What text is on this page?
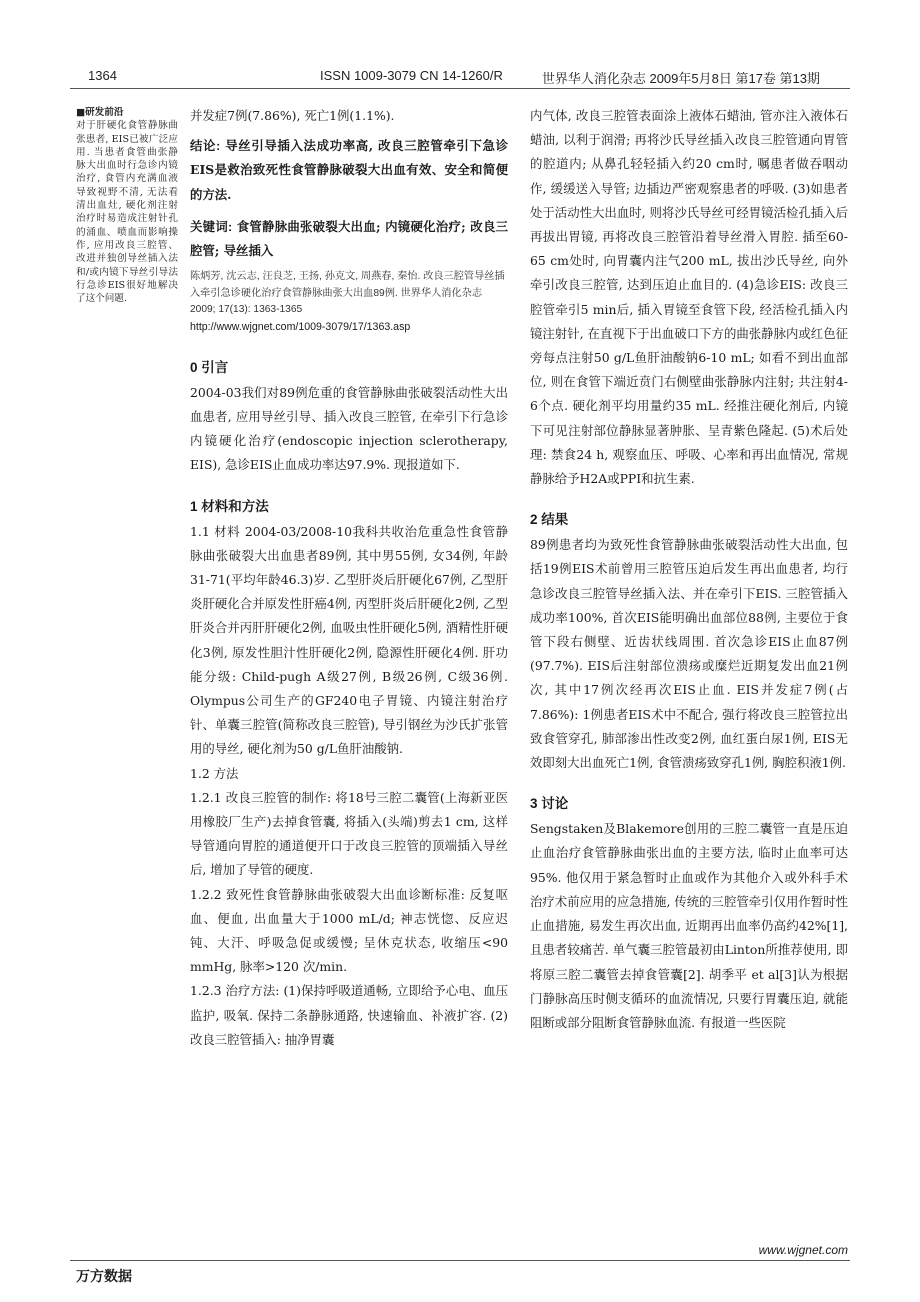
1364	ISSN 1009-3079 CN 14-1260/R	世界华人消化杂志 2009年5月8日 第17卷 第13期
■研发前沿
对于肝硬化食管静脉曲张患者, EIS已被广泛应用. 当患者食管曲张静脉大出血时行急诊内镜治疗, 食管内充满血液导致视野不清, 无法看清出血灶, 硬化剂注射治疗时易造成注射针孔的涌血、喷血而影响操作, 应用改良三腔管、改进并独创导丝插入法和/或内镜下导丝引导法行急诊EIS很好地解决了这个问题.

并发症7例(7.86%), 死亡1例(1.1%).

结论: 导丝引导插入法成功率高, 改良三腔管牵引下急诊EIS是救治致死性食管静脉破裂大出血有效、安全和简便的方法.

关键词: 食管静脉曲张破裂大出血; 内镜硬化治疗; 改良三腔管; 导丝插入

陈炳芳, 沈云志, 汪良芝, 王扬, 孙克文, 周燕春, 秦怡. 改良三腔管导丝插入牵引急诊硬化治疗食管静脉曲张大出血89例. 世界华人消化杂志 2009; 17(13): 1363-1365
http://www.wjgnet.com/1009-3079/17/1363.asp
0 引言

2004-03我们对89例危重的食管静脉曲张破裂活动性大出血患者, 应用导丝引导、插入改良三腔管, 在牵引下行急诊内镜硬化治疗(endoscopic injection sclerotherapy, EIS), 急诊EIS止血成功率达97.9%. 现报道如下.

1 材料和方法

1.1 材料 2004-03/2008-10我科共收治危重急性食管静脉曲张破裂大出血患者89例, 其中男55例, 女34例, 年龄31-71(平均年龄46.3)岁. 乙型肝炎后肝硬化67例, 乙型肝炎肝硬化合并原发性肝癌4例, 丙型肝炎后肝硬化2例, 乙型肝炎合并丙肝肝硬化2例, 血吸虫性肝硬化5例, 酒精性肝硬化3例, 原发性胆汁性肝硬化2例, 隐源性肝硬化4例. 肝功能分级: Child-pugh A级27例, B级26例, C级36例. Olympus公司生产的GF240电子胃镜、内镜注射治疗针、单囊三腔管(简称改良三腔管), 导引钢丝为沙氏扩张管用的导丝, 硬化剂为50 g/L鱼肝油酸钠.

1.2 方法

1.2.1 改良三腔管的制作: 将18号三腔二囊管(上海新亚医用橡胶厂生产)去掉食管囊, 将插入(头端)剪去1 cm, 这样导管通向胃腔的通道便开口于改良三腔管的顶端插入导丝后, 增加了导管的硬度.

1.2.2 致死性食管静脉曲张破裂大出血诊断标准: 反复呕血、便血, 出血量大于1000 mL/d; 神志恍惚、反应迟钝、大汗、呼吸急促或缓慢; 呈休克状态, 收缩压<90 mmHg, 脉率>120 次/min.

1.2.3 治疗方法: (1)保持呼吸道通畅, 立即给予心电、血压监护, 吸氧. 保持二条静脉通路, 快速输血、补液扩容. (2)改良三腔管插入: 抽净胃囊

内气体, 改良三腔管表面涂上液体石蜡油, 管亦注入液体石蜡油, 以利于润滑; 再将沙氏导丝插入改良三腔管通向胃管的腔道内; 从鼻孔轻轻插入约20 cm时, 嘱患者做吞咽动作, 缓缓送入导管; 边插边严密观察患者的呼吸. (3)如患者处于活动性大出血时, 则将沙氏导丝可经胃镜活检孔插入后再拔出胃镜, 再将改良三腔管沿着导丝滑入胃腔. 插至60-65 cm处时, 向胃囊内注气200 mL, 拔出沙氏导丝, 向外牵引改良三腔管, 达到压迫止血目的. (4)急诊EIS: 改良三腔管牵引5 min后, 插入胃镜至食管下段, 经活检孔插入内镜注射针, 在直视下于出血破口下方的曲张静脉内或红色征旁每点注射50 g/L鱼肝油酸钠6-10 mL; 如看不到出血部位, 则在食管下端近贲门右侧壁曲张静脉内注射; 共注射4-6个点. 硬化剂平均用量约35 mL. 经推注硬化剂后, 内镜下可见注射部位静脉显著肿胀、呈青紫色隆起. (5)术后处理: 禁食24 h, 观察血压、呼吸、心率和再出血情况, 常规静脉给予H2A或PPI和抗生素.

2 结果

89例患者均为致死性食管静脉曲张破裂活动性大出血, 包括19例EIS术前曾用三腔管压迫后发生再出血患者, 均行急诊改良三腔管导丝插入法、并在牵引下EIS. 三腔管插入成功率100%, 首次EIS能明确出血部位88例, 主要位于食管下段右侧壁、近齿状线周围. 首次急诊EIS止血87例(97.7%). EIS后注射部位溃疡或糜烂近期复发出血21例次, 其中17例次经再次EIS止血. EIS并发症7例(占7.86%): 1例患者EIS术中不配合, 强行将改良三腔管拉出致食管穿孔, 肺部渗出性改变2例, 血红蛋白尿1例, EIS无效即刻大出血死亡1例, 食管溃疡致穿孔1例, 胸腔积液1例.

3 讨论

Sengstaken及Blakemore创用的三腔二囊管一直是压迫止血治疗食管静脉曲张出血的主要方法, 临时止血率可达95%. 他仅用于紧急暂时止血或作为其他介入或外科手术治疗术前应用的应急措施, 传统的三腔管牵引仅用作暂时性止血措施, 易发生再次出血, 近期再出血率仍高约42%[1], 且患者较痛苦. 单气囊三腔管最初由Linton所推荐使用, 即将原三腔二囊管去掉食管囊[2]. 胡季平 et al[3]认为根据门静脉高压时侧支循环的血流情况, 只要行胃囊压迫, 就能阻断或部分阻断食管静脉血流. 有报道一些医院

www.wjgnet.com
万方数据
